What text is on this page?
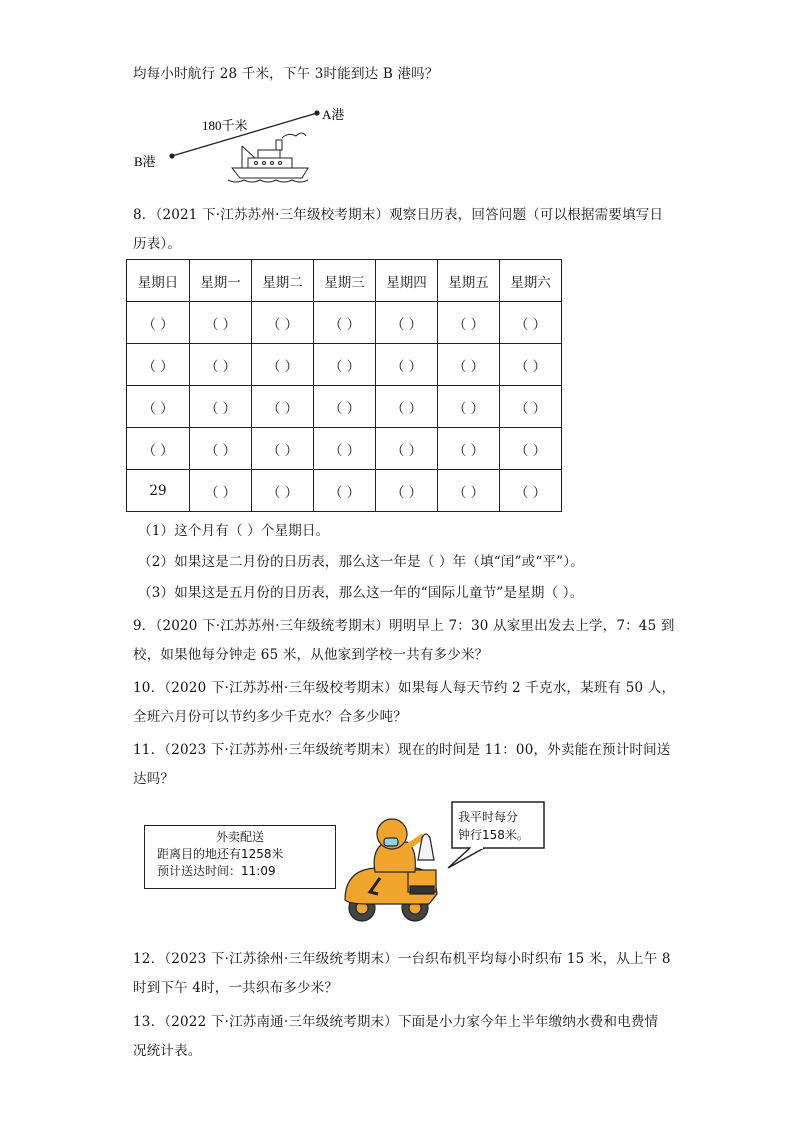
均每小时航行 28 千米，下午 3时能到达 B 港吗？
180千米
A港
B港
8．（2021 下·江苏苏州·三年级校考期末）观察日历表，回答问题（可以根据需要填写日
历表）。
星期日	星期一	星期二	星期三	星期四	星期五	星期六
（ ）	（ ）	（ ）	（ ）	（ ）	（ ）	（ ）
（ ）	（ ）	（ ）	（ ）	（ ）	（ ）	（ ）
（ ）	（ ）	（ ）	（ ）	（ ）	（ ）	（ ）
（ ）	（ ）	（ ）	（ ）	（ ）	（ ）	（ ）
29	（ ）	（ ）	（ ）	（ ）	（ ）	（ ）
（1）这个月有（ ）个星期日。
（2）如果这是二月份的日历表，那么这一年是（ ）年（填“闰”或“平”）。
（3）如果这是五月份的日历表，那么这一年的“国际儿童节”是星期（ ）。
9．（2020 下·江苏苏州·三年级统考期末）明明早上 7：30 从家里出发去上学，7：45 到
校，如果他每分钟走 65 米，从他家到学校一共有多少米？
10．（2020 下·江苏苏州·三年级校考期末）如果每人每天节约 2 千克水，某班有 50 人，
全班六月份可以节约多少千克水？合多少吨？
11．（2023 下·江苏苏州·三年级统考期末）现在的时间是 11：00，外卖能在预计时间送
达吗？
外卖配送
距离目的地还有1258米
预计送达时间：11:09
我平时每分
钟行158米。
12．（2023 下·江苏徐州·三年级统考期末）一台织布机平均每小时织布 15 米，从上午 8
时到下午 4时，一共织布多少米？
13．（2022 下·江苏南通·三年级统考期末）下面是小力家今年上半年缴纳水费和电费情
况统计表。
